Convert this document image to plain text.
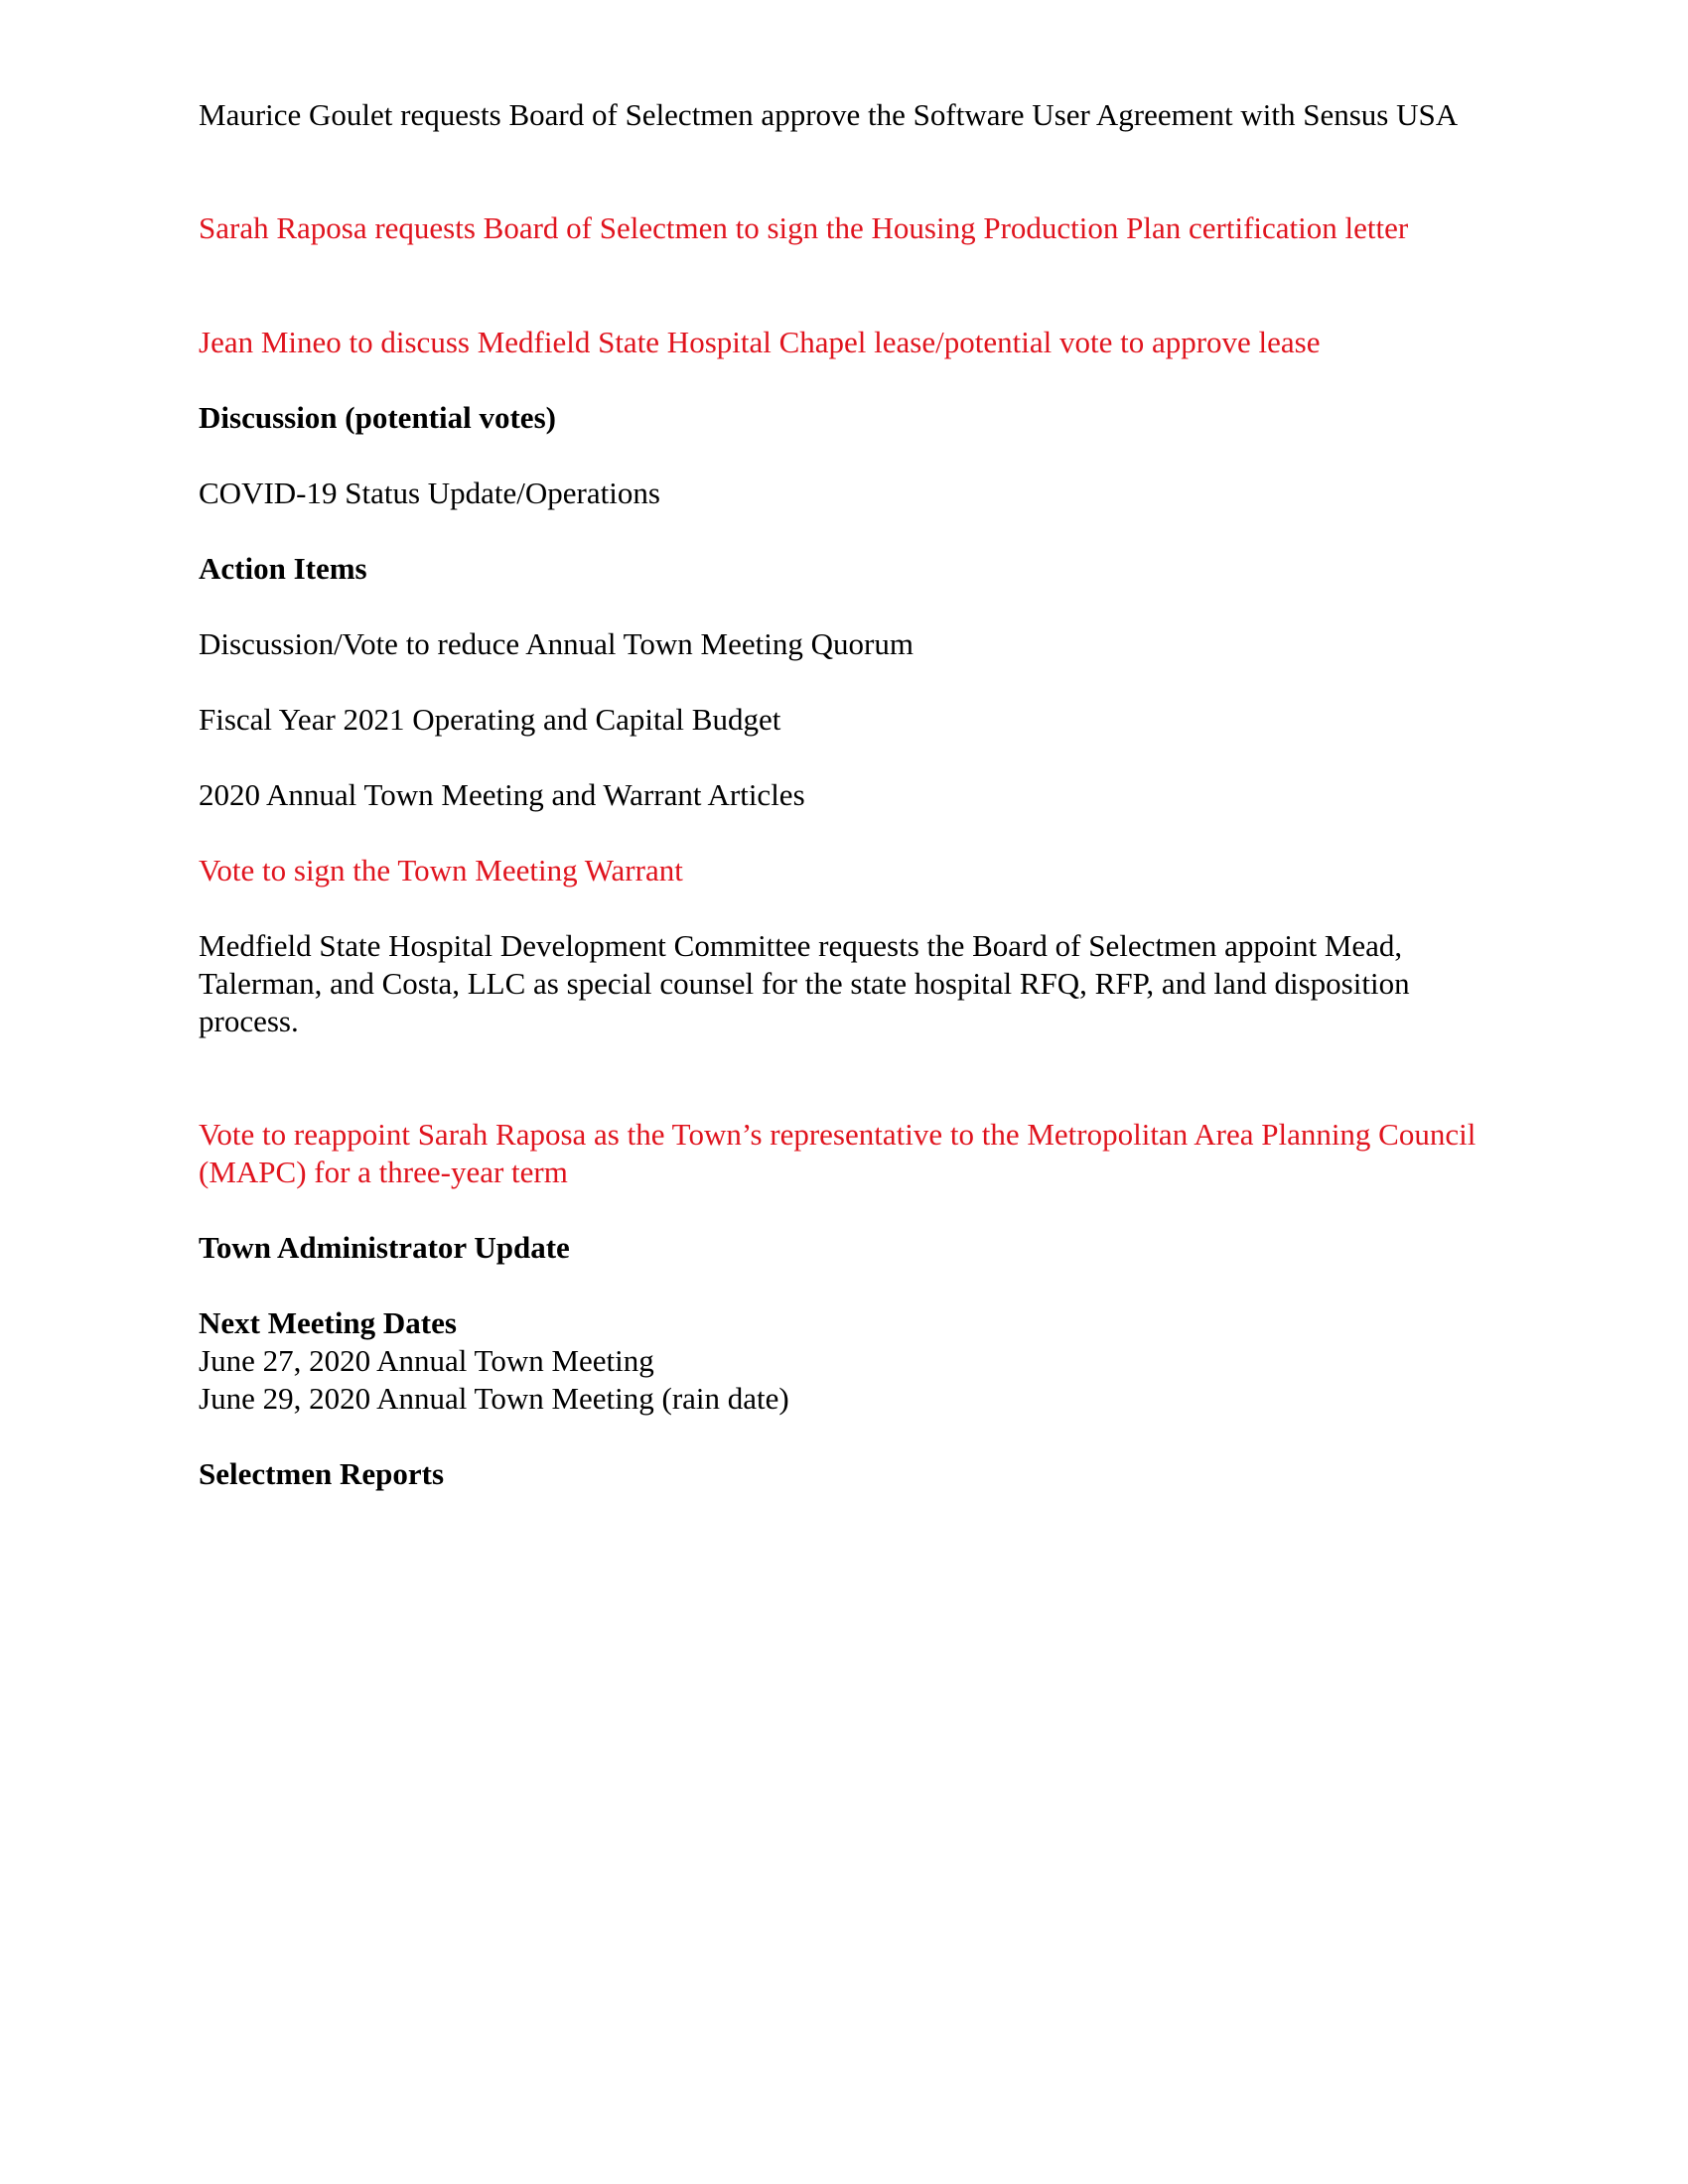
Maurice Goulet requests Board of Selectmen approve the Software User Agreement with Sensus USA

Sarah Raposa requests Board of Selectmen to sign the Housing Production Plan certification letter

Jean Mineo to discuss Medfield State Hospital Chapel lease/potential vote to approve lease

Discussion (potential votes)

COVID-19 Status Update/Operations

Action Items

Discussion/Vote to reduce Annual Town Meeting Quorum

Fiscal Year 2021 Operating and Capital Budget

2020 Annual Town Meeting and Warrant Articles

Vote to sign the Town Meeting Warrant

Medfield State Hospital Development Committee requests the Board of Selectmen appoint Mead, Talerman, and Costa, LLC as special counsel for the state hospital RFQ, RFP, and land disposition process.

Vote to reappoint Sarah Raposa as the Town’s representative to the Metropolitan Area Planning Council (MAPC) for a three-year term

Town Administrator Update

Next Meeting Dates
June 27, 2020 Annual Town Meeting
June 29, 2020 Annual Town Meeting (rain date)

Selectmen Reports
